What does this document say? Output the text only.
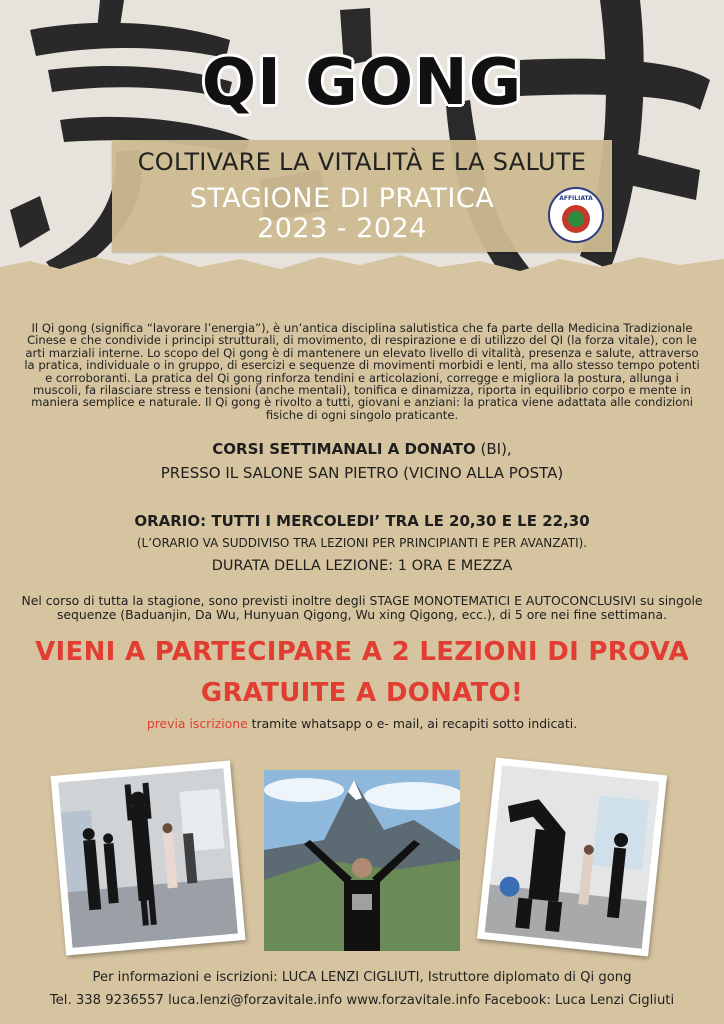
QI GONG
COLTIVARE LA VITALITÀ E LA SALUTE
STAGIONE DI PRATICA
2023 - 2024
AFFILIATA
Il Qi gong (significa “lavorare l’energia”), è un’antica disciplina salutistica che fa parte della Medicina Tradizionale Cinese e che condivide i principi strutturali, di movimento, di respirazione e di utilizzo del QI (la forza vitale), con le arti marziali interne. Lo scopo del Qi gong è di mantenere un elevato livello di vitalità, presenza e salute, attraverso la pratica, individuale o in gruppo, di esercizi e sequenze di movimenti morbidi e lenti, ma allo stesso tempo potenti e corroboranti. La pratica del Qi gong rinforza tendini e articolazioni, corregge e migliora la postura, allunga i muscoli, fa rilasciare stress e tensioni (anche mentali), tonifica e dinamizza, riporta in equilibrio corpo e mente in maniera semplice e naturale. Il Qi gong è rivolto a tutti, giovani e anziani: la pratica viene adattata alle condizioni fisiche di ogni singolo praticante.
CORSI SETTIMANALI A DONATO (BI),
PRESSO IL SALONE SAN PIETRO (VICINO ALLA POSTA)
ORARIO: TUTTI I MERCOLEDI’ TRA LE 20,30 E LE 22,30
(L’ORARIO VA SUDDIVISO TRA LEZIONI PER PRINCIPIANTI E PER AVANZATI).
DURATA DELLA LEZIONE: 1 ORA E MEZZA
Nel corso di tutta la stagione, sono previsti inoltre degli STAGE MONOTEMATICI E AUTOCONCLUSIVI su singole sequenze (Baduanjin, Da Wu, Hunyuan Qigong, Wu xing Qigong, ecc.), di 5 ore nei fine settimana.
VIENI A PARTECIPARE A 2 LEZIONI DI PROVA
GRATUITE A DONATO!
previa iscrizione tramite whatsapp o e- mail, ai recapiti sotto indicati.
Per informazioni e iscrizioni: LUCA LENZI CIGLIUTI, Istruttore diplomato di Qi gong
Tel. 338 9236557 luca.lenzi@forzavitale.info www.forzavitale.info Facebook: Luca Lenzi Cigliuti
